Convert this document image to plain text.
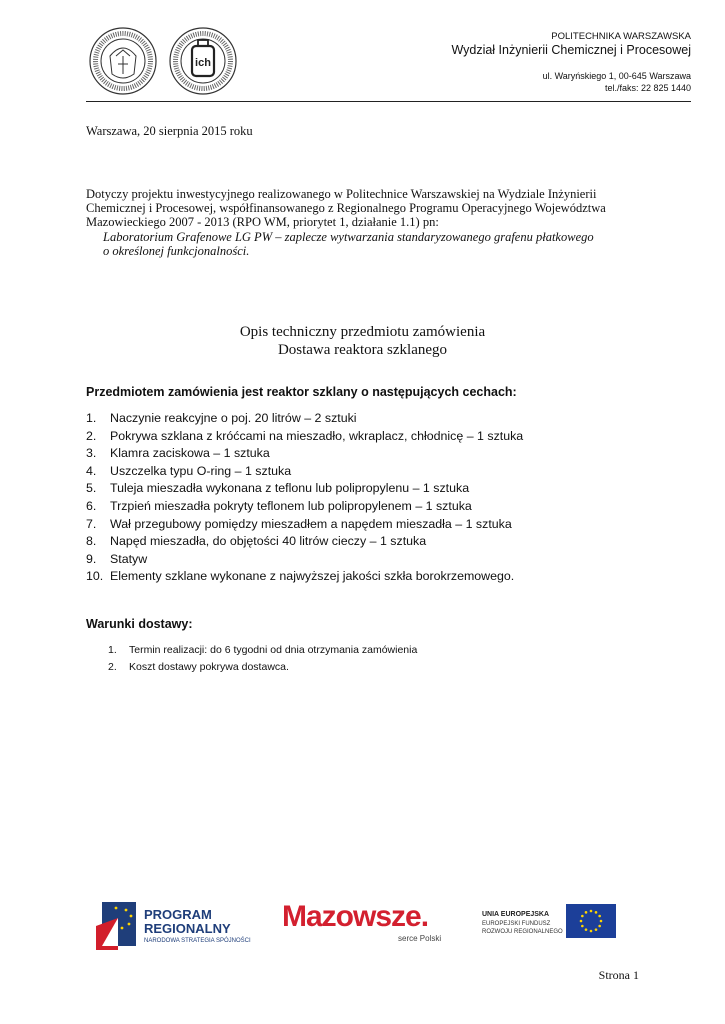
ich
POLITECHNIKA WARSZAWSKA
Wydział Inżynierii Chemicznej i Procesowej
ul. Waryńskiego 1, 00-645 Warszawa
tel./faks: 22 825 1440
Warszawa, 20 sierpnia 2015 roku
Dotyczy projektu inwestycyjnego realizowanego w Politechnice Warszawskiej na Wydziale Inżynierii Chemicznej i Procesowej, współfinansowanego z Regionalnego Programu Operacyjnego Województwa Mazowieckiego 2007 - 2013 (RPO WM, priorytet 1, działanie 1.1) pn:
Laboratorium Grafenowe LG PW – zaplecze wytwarzania standaryzowanego grafenu płatkowego
o określonej funkcjonalności.
Opis techniczny przedmiotu zamówienia
Dostawa reaktora szklanego
Przedmiotem zamówienia jest reaktor szklany o następujących cechach:
1.	Naczynie reakcyjne o poj. 20 litrów – 2 sztuki
2.	Pokrywa szklana z króćcami na mieszadło, wkraplacz, chłodnicę – 1 sztuka
3.	Klamra zaciskowa – 1 sztuka
4.	Uszczelka typu O-ring – 1 sztuka
5.	Tuleja mieszadła wykonana z teflonu lub polipropylenu – 1 sztuka
6.	Trzpień mieszadła pokryty teflonem lub polipropylenem – 1 sztuka
7.	Wał przegubowy pomiędzy mieszadłem a napędem mieszadła – 1 sztuka
8.	Napęd mieszadła, do objętości 40 litrów cieczy – 1 sztuka
9.	Statyw
10. Elementy szklane wykonane z najwyższej jakości szkła borokrzemowego.
Warunki dostawy:
1.	Termin realizacji: do 6 tygodni od dnia otrzymania zamówienia
2.	Koszt dostawy pokrywa dostawca.
PROGRAM
REGIONALNY
NARODOWA STRATEGIA SPÓJNOŚCI
Mazowsze.
serce Polski
UNIA EUROPEJSKA
EUROPEJSKI FUNDUSZ
ROZWOJU REGIONALNEGO
Strona 1
